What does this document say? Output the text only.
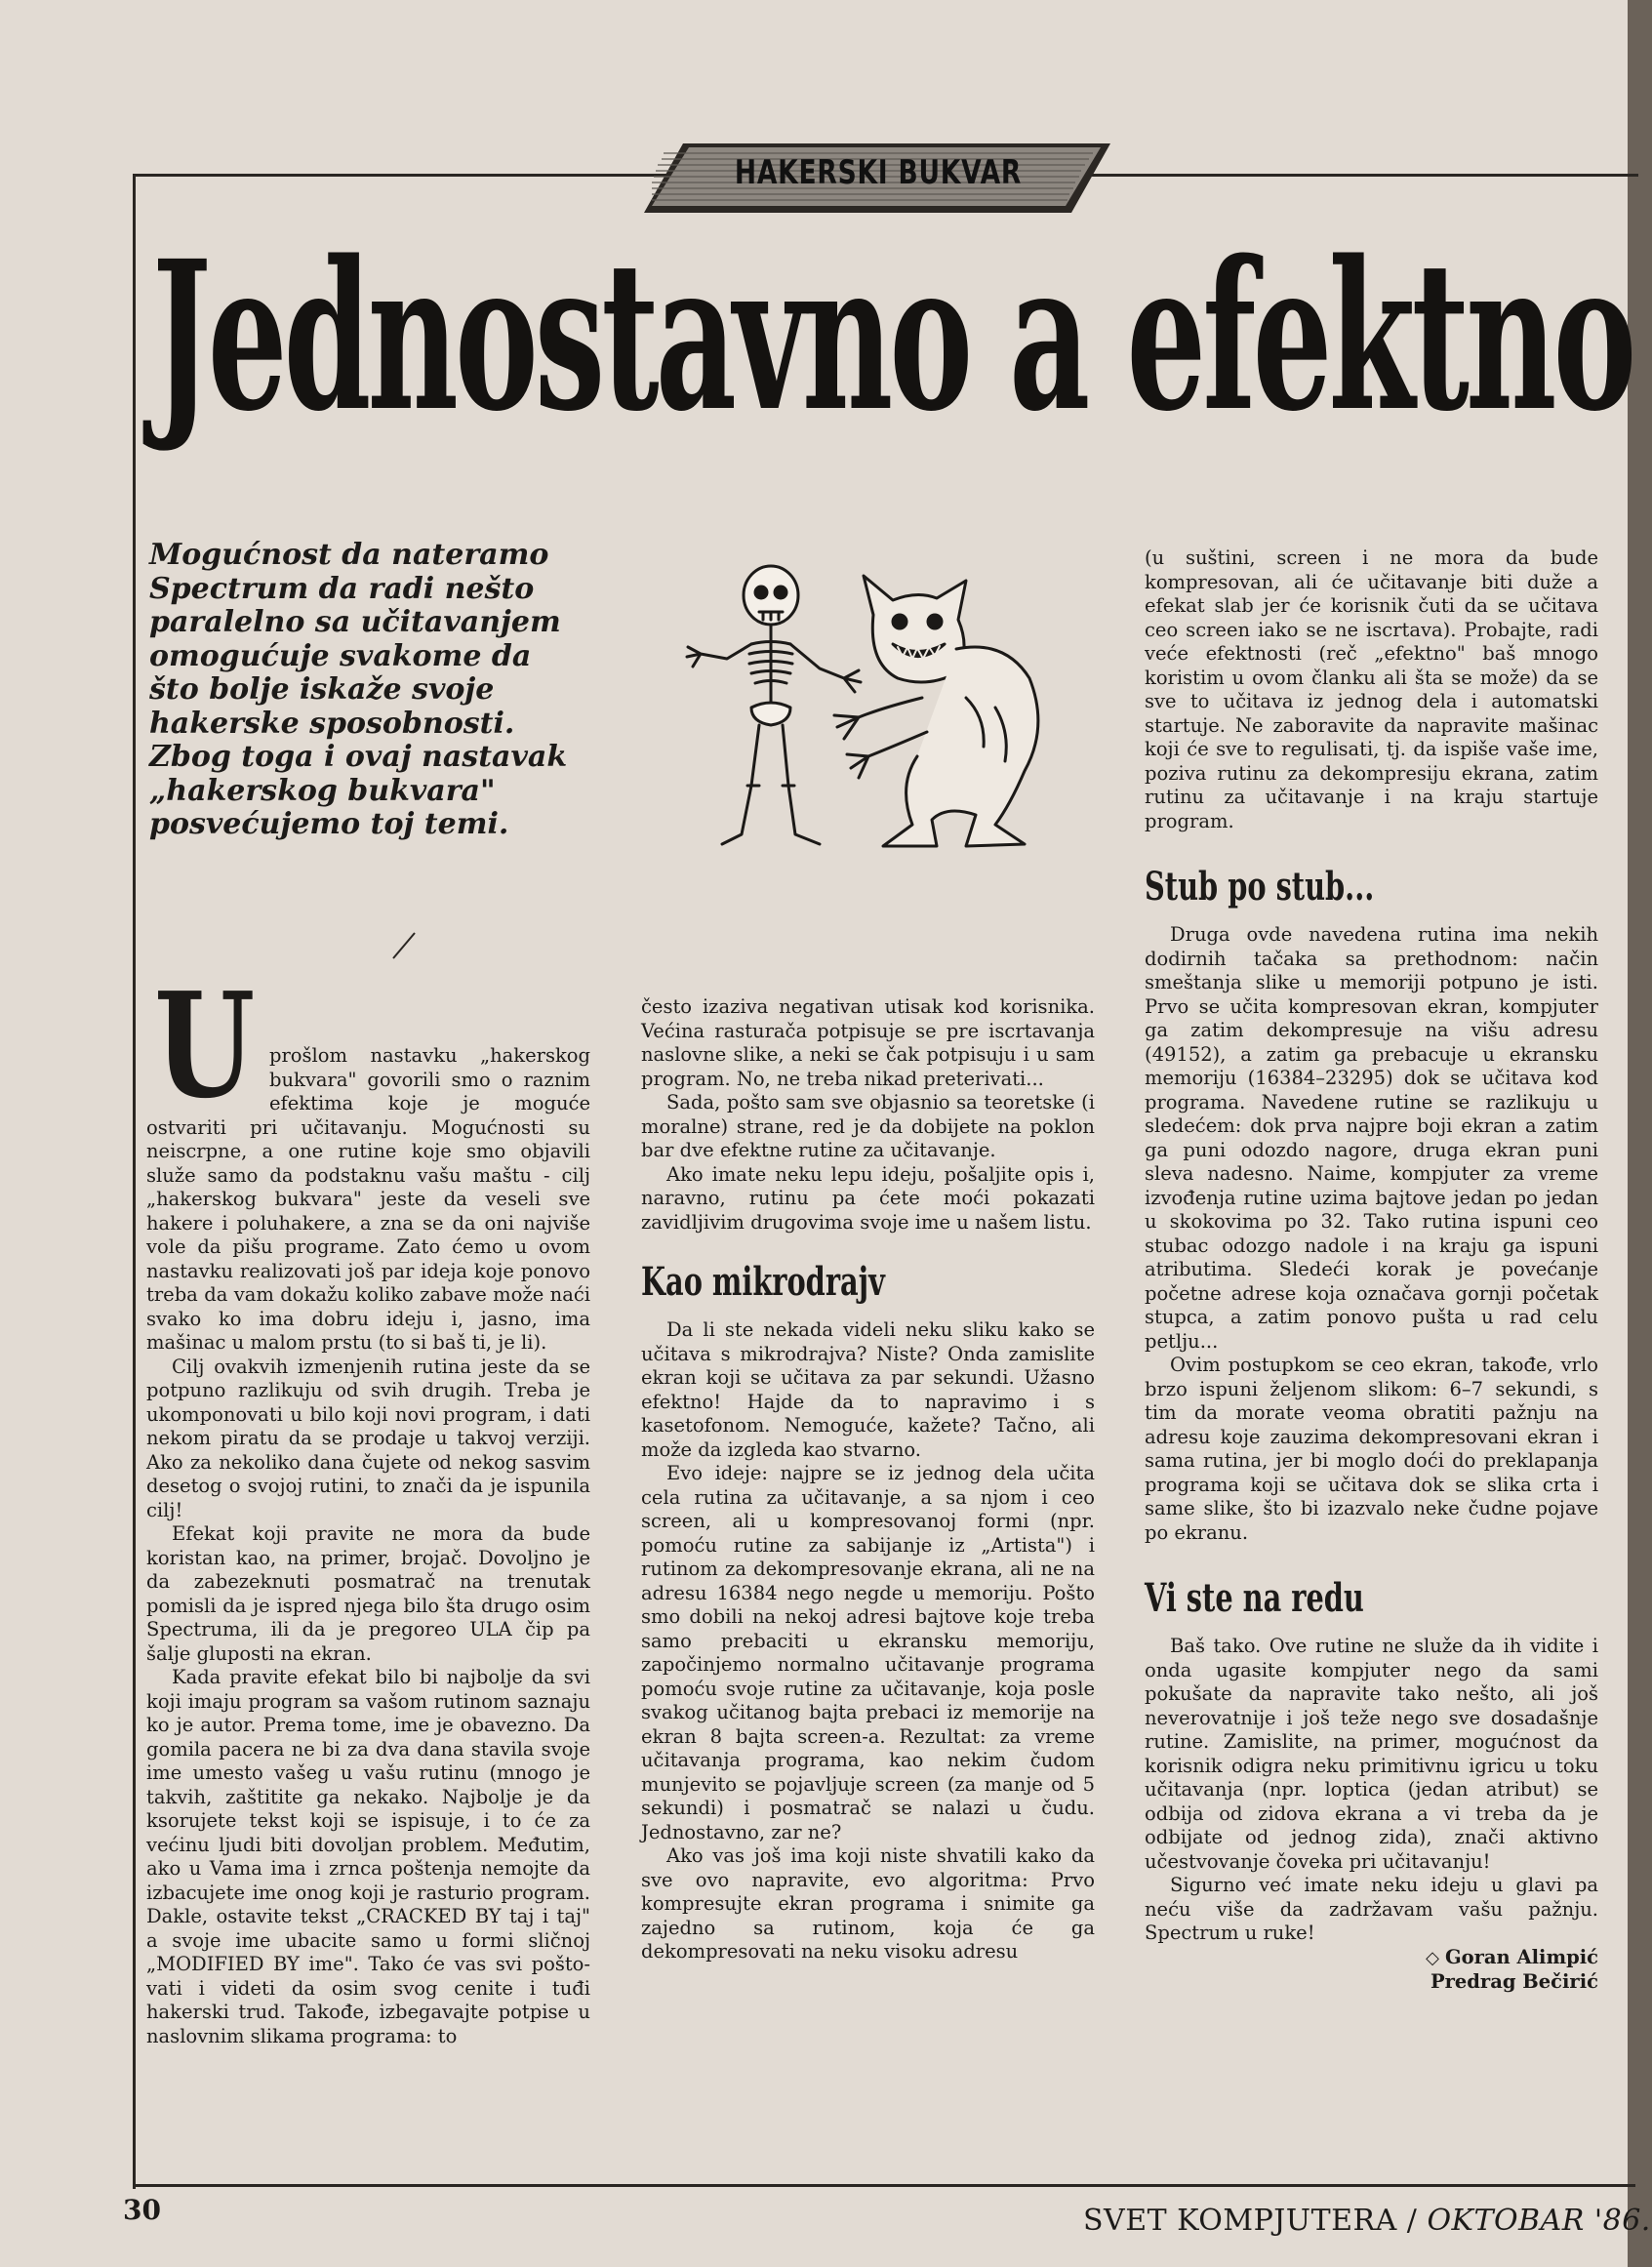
HAKERSKI BUKVAR
Jednostavno a efektno

Mogućnost da nateramo Spectrum da radi nešto paralelno sa učitavanjem omogućuje svakome da što bolje iskaže svoje hakerske sposobnosti. Zbog toga i ovaj nastavak „hakerskog bukvara" posvećujemo toj temi.

U prošlom nastavku „hakerskog bukvara" govorili smo o raznim efektima koje je moguće ostvariti pri učitavanju. Mogućnosti su neiscrpne, a one rutine koje smo objavili služe samo da podstaknu vašu maštu - cilj „hakerskog bukvara" jeste da veseli sve hakere i poluhakere, a zna se da oni najviše vole da pišu programe. Zato ćemo u ovom nastavku realizovati još par ideja koje ponovo treba da vam dokažu koliko zabave može naći svako ko ima dobru ideju i, jasno, ima mašinac u malom prstu (to si baš ti, je li).

Cilj ovakvih izmenjenih rutina jeste da se potpuno razlikuju od svih drugih. Treba je ukomponovati u bilo koji novi program, i dati nekom piratu da se prodaje u takvoj verziji. Ako za nekoliko dana čujete od nekog sasvim desetog o svojoj rutini, to znači da je ispunila cilj!

Efekat koji pravite ne mora da bude koristan kao, na primer, brojač. Dovoljno je da zabezeknuti posmatrač na trenutak pomisli da je ispred njega bilo šta drugo osim Spectruma, ili da je pregoreo ULA čip pa šalje gluposti na ekran.

Kada pravite efekat bilo bi najbolje da svi koji imaju program sa vašom rutinom saznaju ko je autor. Prema tome, ime je obavezno. Da gomila pacera ne bi za dva dana stavila svoje ime umesto vašeg u vašu rutinu (mnogo je takvih, zaštitite ga nekako. Najbolje je da ksorujete tekst koji se ispisuje, i to će za većinu ljudi biti dovoljan problem. Međutim, ako u Vama ima i zrnca poštenja nemojte da izbacujete ime onog koji je rasturio program. Dakle, ostavite tekst „CRACKED BY taj i taj" a svoje ime ubacite samo u formi sličnoj „MODIFIED BY ime". Tako će vas svi pošto-vati i videti da osim svog cenite i tuđi hakerski trud. Takođe, izbegavajte potpise u naslovnim slikama programa: to

često izaziva negativan utisak kod korisnika. Većina rasturača potpisuje se pre iscrtavanja naslovne slike, a neki se čak potpisuju i u sam program. No, ne treba nikad preterivati...

Sada, pošto sam sve objasnio sa teoretske (i moralne) strane, red je da dobijete na poklon bar dve efektne rutine za učitavanje.

Ako imate neku lepu ideju, pošaljite opis i, naravno, rutinu pa ćete moći pokazati zavidljivim drugovima svoje ime u našem listu.

Kao mikrodrajv

Da li ste nekada videli neku sliku kako se učitava s mikrodrajva? Niste? Onda zamislite ekran koji se učitava za par sekundi. Užasno efektno! Hajde da to napravimo i s kasetofonom. Nemoguće, kažete? Tačno, ali može da izgleda kao stvarno.

Evo ideje: najpre se iz jednog dela učita cela rutina za učitavanje, a sa njom i ceo screen, ali u kompresovanoj formi (npr. pomoću rutine za sabijanje iz „Artista") i rutinom za dekompresovanje ekrana, ali ne na adresu 16384 nego negde u memoriju. Pošto smo dobili na nekoj adresi bajtove koje treba samo prebaciti u ekransku memoriju, započinjemo normalno učitavanje programa pomoću svoje rutine za učitavanje, koja posle svakog učitanog bajta prebaci iz memorije na ekran 8 bajta screen-a. Rezultat: za vreme učitavanja programa, kao nekim čudom munjevito se pojavljuje screen (za manje od 5 sekundi) i posmatrač se nalazi u čudu. Jednostavno, zar ne?

Ako vas još ima koji niste shvatili kako da sve ovo napravite, evo algoritma: Prvo kompresujte ekran programa i snimite ga zajedno sa rutinom, koja će ga dekompresovati na neku visoku adresu

(u suštini, screen i ne mora da bude kompresovan, ali će učitavanje biti duže a efekat slab jer će korisnik čuti da se učitava ceo screen iako se ne iscrtava). Probajte, radi veće efektnosti (reč „efektno" baš mnogo koristim u ovom članku ali šta se može) da se sve to učitava iz jednog dela i automatski startuje. Ne zaboravite da napravite mašinac koji će sve to regulisati, tj. da ispiše vaše ime, poziva rutinu za dekompresiju ekrana, zatim rutinu za učitavanje i na kraju startuje program.

Stub po stub...

Druga ovde navedena rutina ima nekih dodirnih tačaka sa prethodnom: način smeštanja slike u memoriji potpuno je isti. Prvo se učita kompresovan ekran, kompjuter ga zatim dekompresuje na višu adresu (49152), a zatim ga prebacuje u ekransku memoriju (16384–23295) dok se učitava kod programa. Navedene rutine se razlikuju u sledećem: dok prva najpre boji ekran a zatim ga puni odozdo nagore, druga ekran puni sleva nadesno. Naime, kompjuter za vreme izvođenja rutine uzima bajtove jedan po jedan u skokovima po 32. Tako rutina ispuni ceo stubac odozgo nadole i na kraju ga ispuni atributima. Sledeći korak je povećanje početne adrese koja označava gornji početak stupca, a zatim ponovo pušta u rad celu petlju...

Ovim postupkom se ceo ekran, takođe, vrlo brzo ispuni željenom slikom: 6–7 sekundi, s tim da morate veoma obratiti pažnju na adresu koje zauzima dekompresovani ekran i sama rutina, jer bi moglo doći do preklapanja programa koji se učitava dok se slika crta i same slike, što bi izazvalo neke čudne pojave po ekranu.

Vi ste na redu

Baš tako. Ove rutine ne služe da ih vidite i onda ugasite kompjuter nego da sami pokušate da napravite tako nešto, ali još neverovatnije i još teže nego sve dosadašnje rutine. Zamislite, na primer, mogućnost da korisnik odigra neku primitivnu igricu u toku učitavanja (npr. loptica (jedan atribut) se odbija od zidova ekrana a vi treba da je odbijate od jednog zida), znači aktivno učestvovanje čoveka pri učitavanju!

Sigurno već imate neku ideju u glavi pa neću više da zadržavam vašu pažnju. Spectrum u ruke!

◇ Goran Alimpić
Predrag Bečirić
30	SVET KOMPJUTERA / OKTOBAR '86.
